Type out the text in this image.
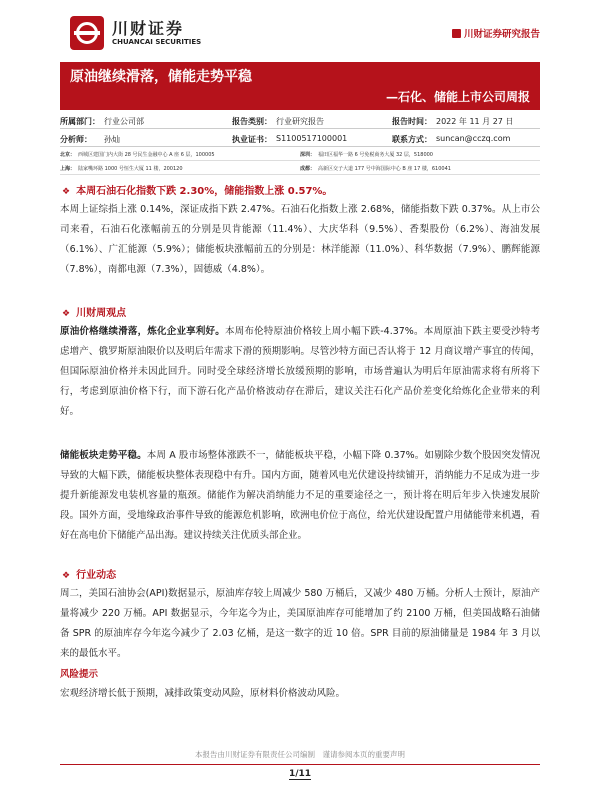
川财证券
CHUANCAI SECURITIES
川财证券研究报告
原油继续滑落，储能走势平稳
—石化、储能上市公司周报
所属部门： 行业公司部	报告类别： 行业研究报告	报告时间： 2022 年 11 月 27 日
分析师： 孙灿	执业证书： S1100517100001	联系方式： suncan@cczq.com
北京： 西城区建国门内大街 28 号民生金融中心 A 座 6 层，100005	深圳： 福田区福华一路 6 号免税商务大厦 32 层，518000
上海： 陆家嘴环路 1000 号恒生大厦 11 楼，200120	成都： 高新区交子大道 177 号中海国际中心 B 座 17 楼，610041
❖ 本周石油石化指数下跌 2.30%，储能指数上涨 0.57%。
本周上证综指上涨 0.14%，深证成指下跌 2.47%。石油石化指数上涨 2.68%，储能指数下跌 0.37%。从上市公司来看，石油石化涨幅前五的分别是贝肯能源（11.4%）、大庆华科（9.5%）、香梨股份（6.2%）、海油发展（6.1%）、广汇能源（5.9%）；储能板块涨幅前五的分别是：林洋能源（11.0%）、科华数据（7.9%）、鹏辉能源（7.8%），南都电源（7.3%），固德威（4.8%）。
❖ 川财周观点
原油价格继续滑落，炼化企业享利好。本周布伦特原油价格较上周小幅下跌-4.37%。本周原油下跌主要受沙特考虑增产、俄罗斯原油限价以及明后年需求下滑的预期影响。尽管沙特方面已否认将于 12 月商议增产事宜的传闻，但国际原油价格并未因此回升。同时受全球经济增长放缓预期的影响，市场普遍认为明后年原油需求将有所将下行，考虑到原油价格下行，而下游石化产品价格波动存在滞后，建议关注石化产品价差变化给炼化企业带来的利好。
储能板块走势平稳。本周 A 股市场整体涨跌不一，储能板块平稳，小幅下降 0.37%。如剔除少数个股因突发情况导致的大幅下跌，储能板块整体表现稳中有升。国内方面，随着风电光伏建设持续铺开，消纳能力不足成为进一步提升新能源发电装机容量的瓶颈。储能作为解决消纳能力不足的重要途径之一，预计将在明后年步入快速发展阶段。国外方面，受地缘政治事件导致的能源危机影响，欧洲电价位于高位，给光伏建设配置户用储能带来机遇，看好在高电价下储能产品出海。建议持续关注优质头部企业。
❖ 行业动态
周二，美国石油协会(API)数据显示，原油库存较上周减少 580 万桶后，又减少 480 万桶。分析人士预计，原油产量将减少 220 万桶。API 数据显示，今年迄今为止，美国原油库存可能增加了约 2100 万桶，但美国战略石油储备 SPR 的原油库存今年迄今减少了 2.03 亿桶，是这一数字的近 10 倍。SPR 目前的原油储量是 1984 年 3 月以来的最低水平。
风险提示
宏观经济增长低于预期，减排政策变动风险，原材料价格波动风险。
本报告由川财证券有限责任公司编制　谨请参阅本页的重要声明
1/11
